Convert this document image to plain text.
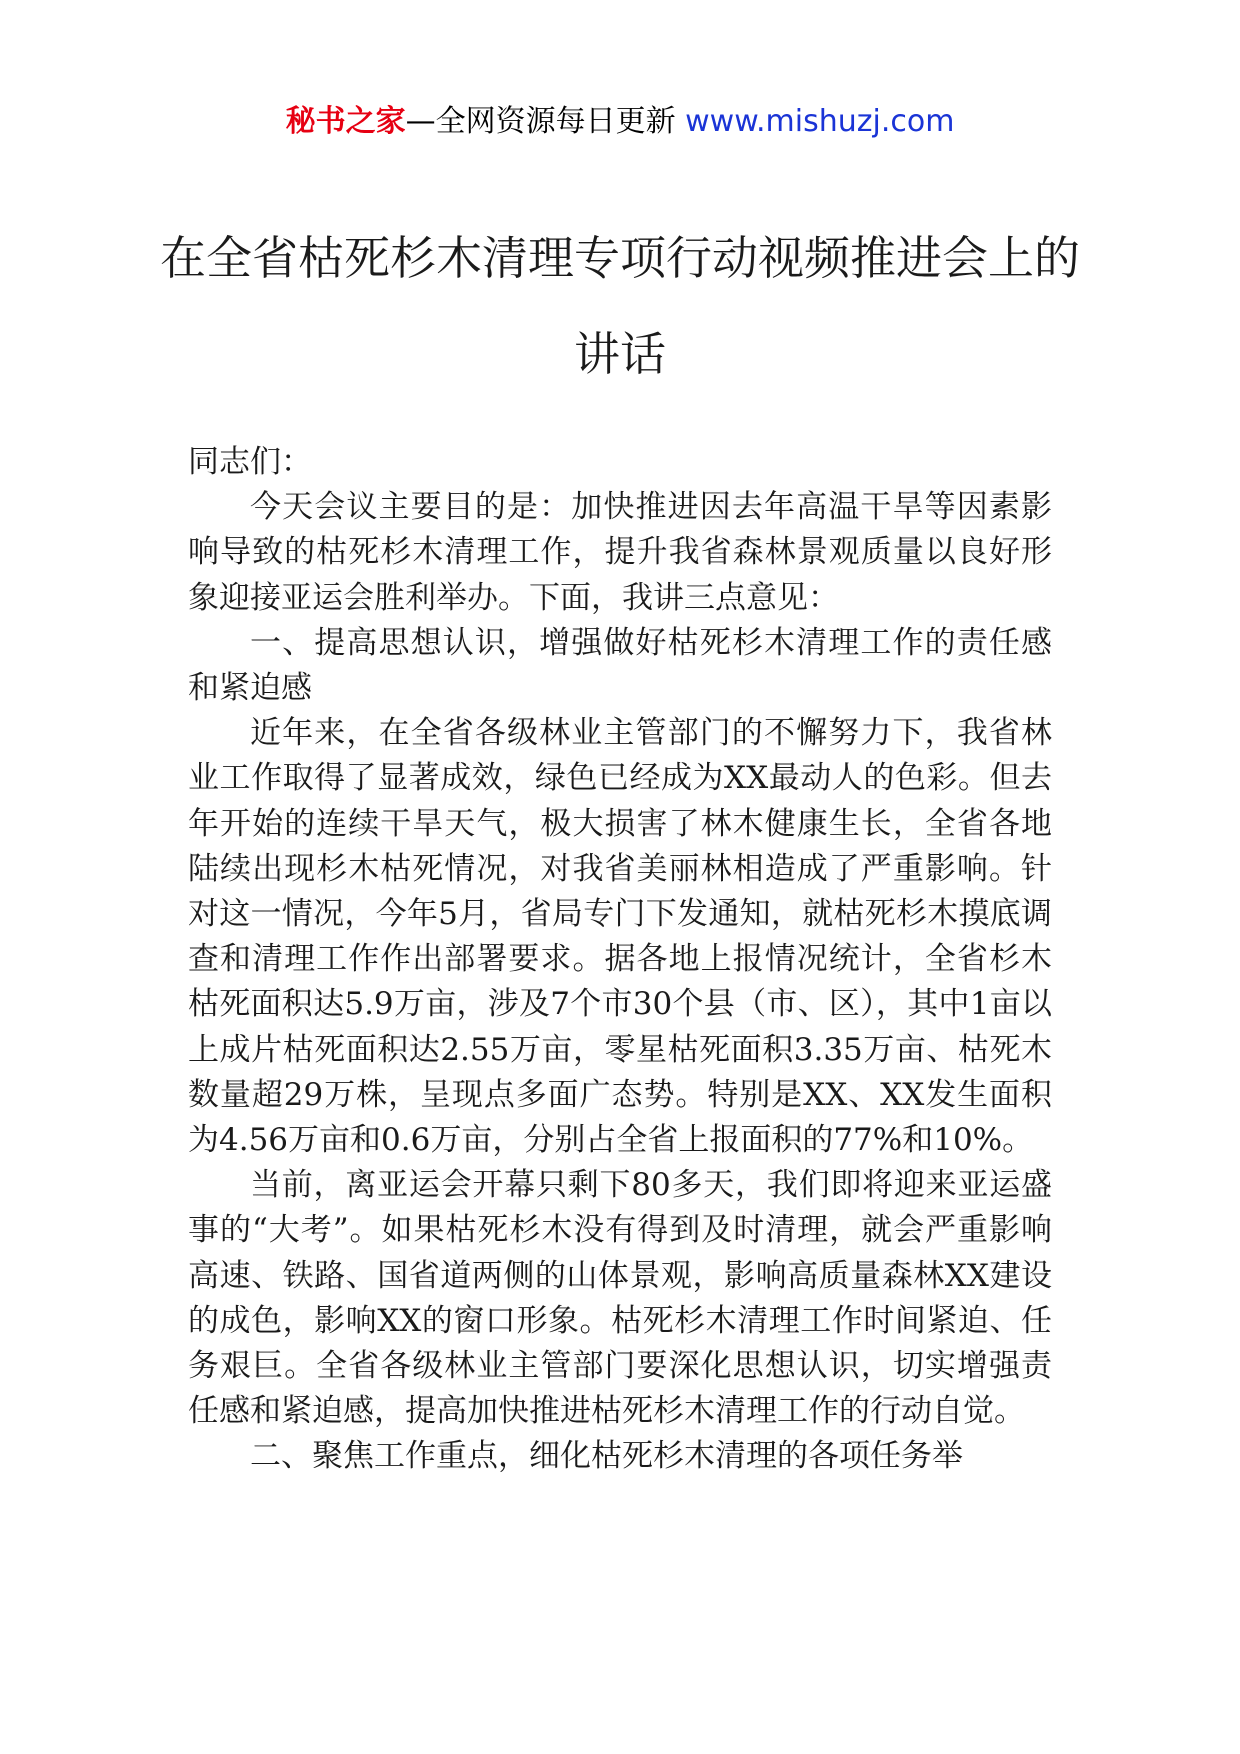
秘书之家—全网资源每日更新 www.mishuzj.com
在全省枯死杉木清理专项行动视频推进会上的讲话

同志们：

今天会议主要目的是：加快推进因去年高温干旱等因素影响导致的枯死杉木清理工作，提升我省森林景观质量以良好形象迎接亚运会胜利举办。下面，我讲三点意见：

一、提高思想认识，增强做好枯死杉木清理工作的责任感和紧迫感

近年来，在全省各级林业主管部门的不懈努力下，我省林业工作取得了显著成效，绿色已经成为XX最动人的色彩。但去年开始的连续干旱天气，极大损害了林木健康生长，全省各地陆续出现杉木枯死情况，对我省美丽林相造成了严重影响。针对这一情况，今年5月，省局专门下发通知，就枯死杉木摸底调查和清理工作作出部署要求。据各地上报情况统计，全省杉木枯死面积达5.9万亩，涉及7个市30个县（市、区），其中1亩以上成片枯死面积达2.55万亩，零星枯死面积3.35万亩、枯死木数量超29万株，呈现点多面广态势。特别是XX、XX发生面积为4.56万亩和0.6万亩，分别占全省上报面积的77%和10%。

当前，离亚运会开幕只剩下80多天，我们即将迎来亚运盛事的“大考”。如果枯死杉木没有得到及时清理，就会严重影响高速、铁路、国省道两侧的山体景观，影响高质量森林XX建设的成色，影响XX的窗口形象。枯死杉木清理工作时间紧迫、任务艰巨。全省各级林业主管部门要深化思想认识，切实增强责任感和紧迫感，提高加快推进枯死杉木清理工作的行动自觉。

二、聚焦工作重点，细化枯死杉木清理的各项任务举
